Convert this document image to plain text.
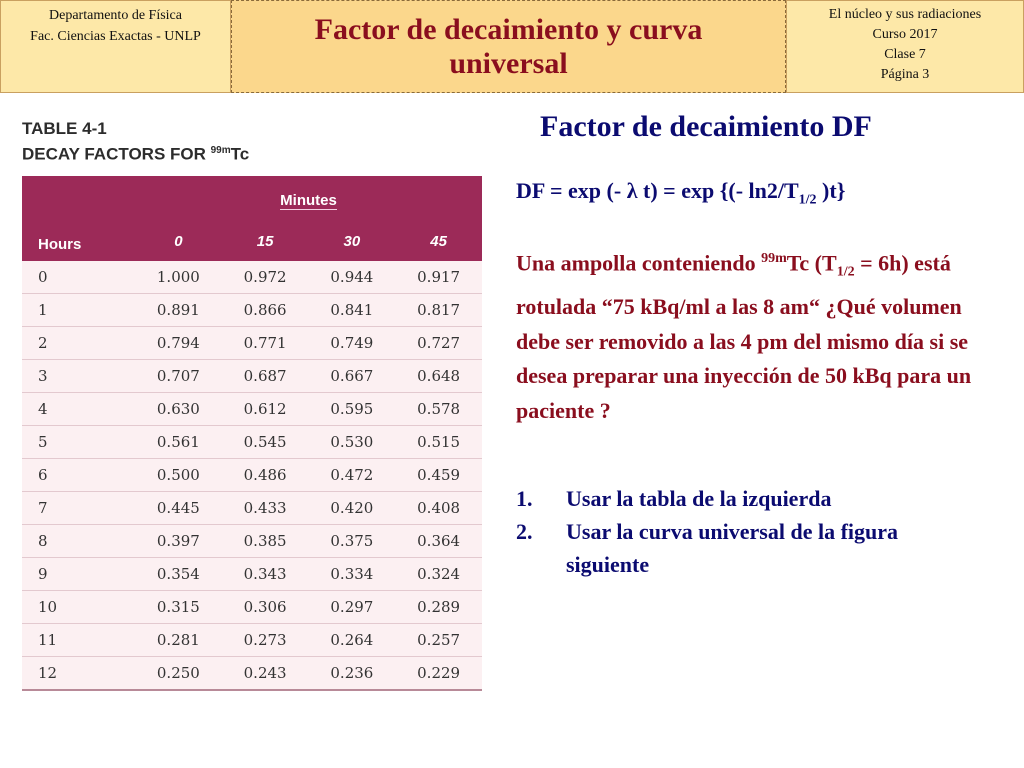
Departamento de Física
Fac. Ciencias Exactas - UNLP	Factor de decaimiento y curva universal
El núcleo y sus radiaciones
Curso 2017
Clase 7
Página 3
TABLE 4-1
DECAY FACTORS FOR $^{99m}$Tc
Hours	Minutes			
	0	15	30	45
0	1.000	0.972	0.944	0.917
1	0.891	0.866	0.841	0.817
2	0.794	0.771	0.749	0.727
3	0.707	0.687	0.667	0.648
4	0.630	0.612	0.595	0.578
5	0.561	0.545	0.530	0.515
6	0.500	0.486	0.472	0.459
7	0.445	0.433	0.420	0.408
8	0.397	0.385	0.375	0.364
9	0.354	0.343	0.334	0.324
10	0.315	0.306	0.297	0.289
11	0.281	0.273	0.264	0.257
12	0.250	0.243	0.236	0.229
Factor de decaimiento DF
DF = exp (- λ t) = exp {(- $\ln 2/T_{1/2}$ )t}
Una ampolla conteniendo $^{99m}$Tc $(T_{1/2} = 6h)$ está rotulada “75 kBq/ml a las 8 am“ ¿Qué volumen debe ser removido a las 4 pm del mismo día si se desea preparar una inyección de 50 kBq para un paciente ?
1.	Usar la tabla de la izquierda
2.	Usar la curva universal de la figura siguiente
